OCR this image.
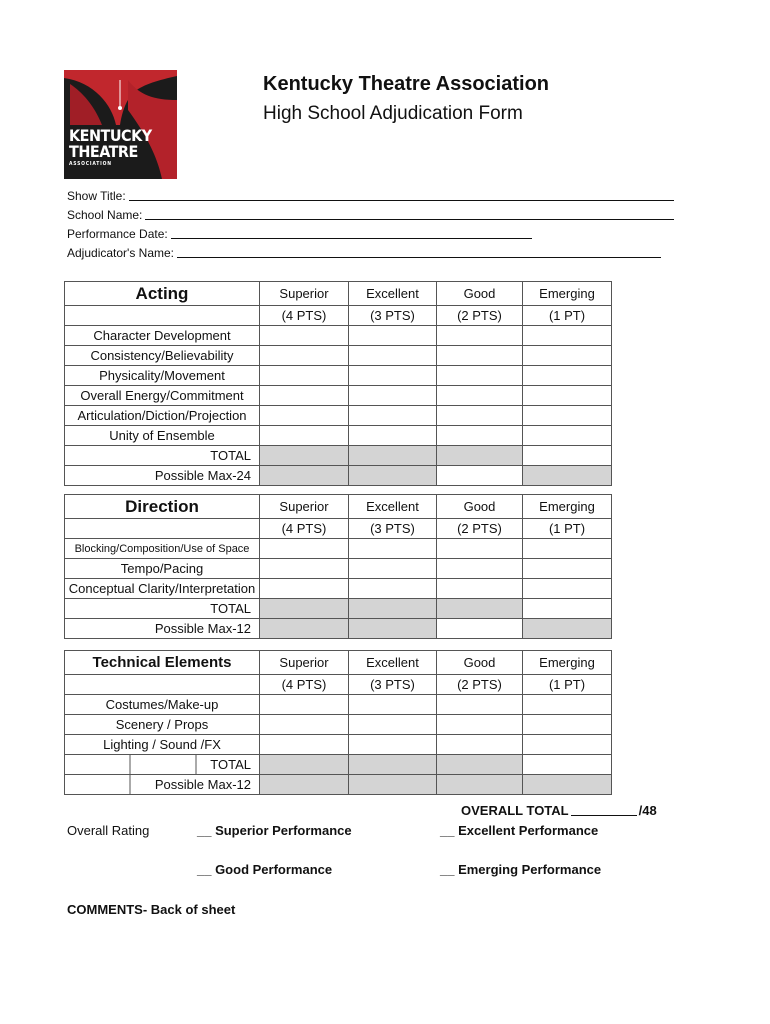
KENTUCKY
THEATRE
ASSOCIATION
Kentucky Theatre Association
High School Adjudication Form
Show Title:
School Name:
Performance Date:
Adjudicator's Name:
Acting	Superior	Excellent	Good	Emerging
	(4 PTS)	(3 PTS)	(2 PTS)	(1 PT)
Character Development				
Consistency/Believability				
Physicality/Movement				
Overall Energy/Commitment				
Articulation/Diction/Projection				
Unity of Ensemble				
TOTAL				
Possible Max-24				
Direction	Superior	Excellent	Good	Emerging
	(4 PTS)	(3 PTS)	(2 PTS)	(1 PT)
Blocking/Composition/Use of Space				
Tempo/Pacing				
Conceptual Clarity/Interpretation				
TOTAL				
Possible Max-12				
Technical Elements	Superior	Excellent	Good	Emerging
	(4 PTS)	(3 PTS)	(2 PTS)	(1 PT)
Costumes/Make-up				
Scenery / Props				
Lighting / Sound /FX				
TOTAL				
Possible Max-12				
OVERALL TOTAL	/48
Overall Rating	__ Superior Performance	__ Excellent Performance
__ Good Performance	__ Emerging Performance
COMMENTS- Back of sheet
